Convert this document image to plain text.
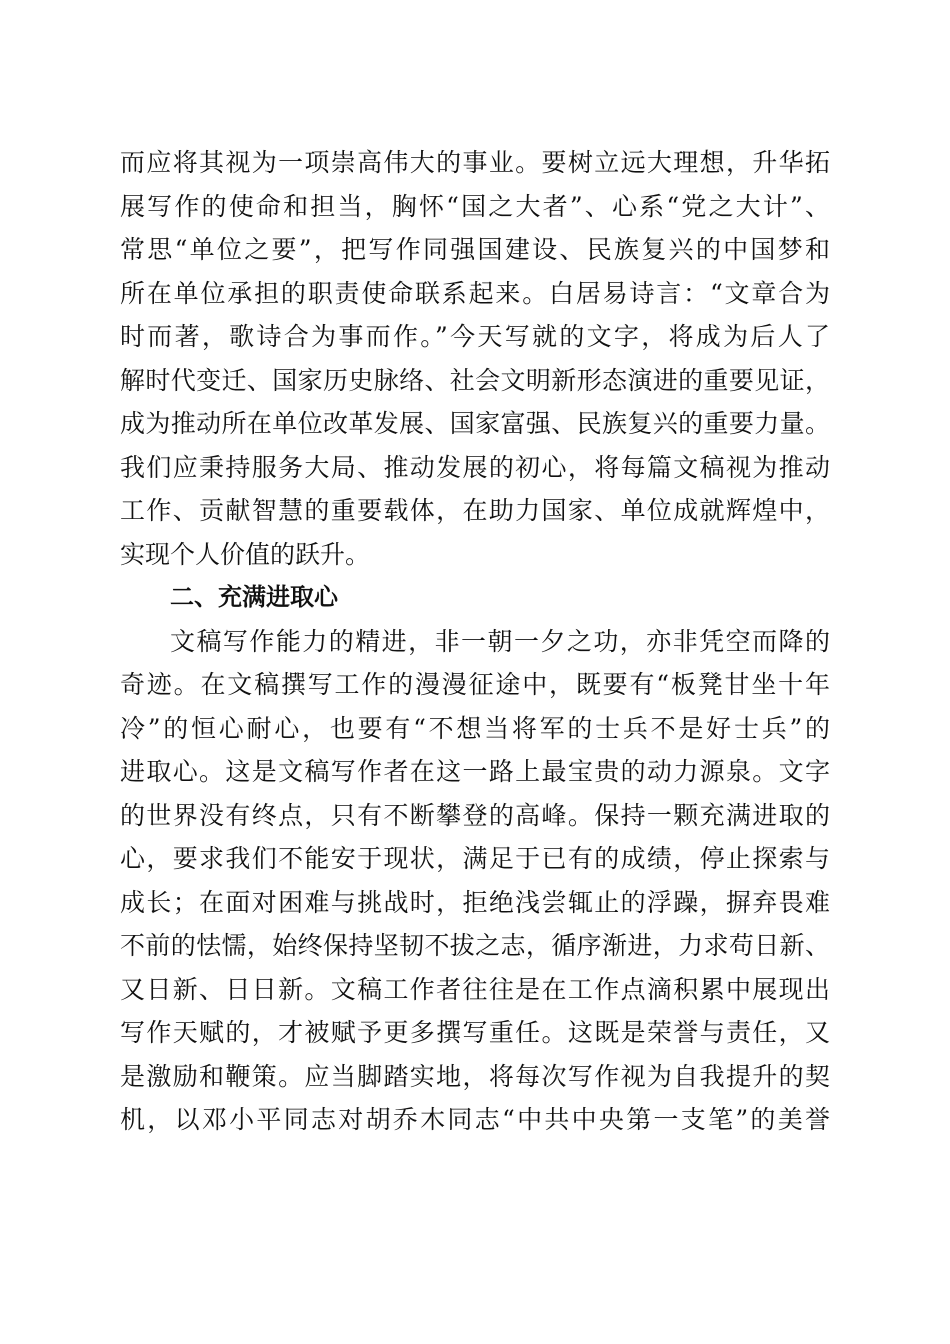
而应将其视为一项崇高伟大的事业。要树立远大理想，升华拓
展写作的使命和担当，胸怀“国之大者”、心系“党之大计”、
常思“单位之要”，把写作同强国建设、民族复兴的中国梦和
所在单位承担的职责使命联系起来。白居易诗言：“文章合为
时而著，歌诗合为事而作。”今天写就的文字，将成为后人了
解时代变迁、国家历史脉络、社会文明新形态演进的重要见证，
成为推动所在单位改革发展、国家富强、民族复兴的重要力量。
我们应秉持服务大局、推动发展的初心，将每篇文稿视为推动
工作、贡献智慧的重要载体，在助力国家、单位成就辉煌中，
实现个人价值的跃升。
二、充满进取心
文稿写作能力的精进，非一朝一夕之功，亦非凭空而降的
奇迹。在文稿撰写工作的漫漫征途中，既要有“板凳甘坐十年
冷”的恒心耐心，也要有“不想当将军的士兵不是好士兵”的
进取心。这是文稿写作者在这一路上最宝贵的动力源泉。文字
的世界没有终点，只有不断攀登的高峰。保持一颗充满进取的
心，要求我们不能安于现状，满足于已有的成绩，停止探索与
成长；在面对困难与挑战时，拒绝浅尝辄止的浮躁，摒弃畏难
不前的怯懦，始终保持坚韧不拔之志，循序渐进，力求苟日新、
又日新、日日新。文稿工作者往往是在工作点滴积累中展现出
写作天赋的，才被赋予更多撰写重任。这既是荣誉与责任，又
是激励和鞭策。应当脚踏实地，将每次写作视为自我提升的契
机，以邓小平同志对胡乔木同志“中共中央第一支笔”的美誉
